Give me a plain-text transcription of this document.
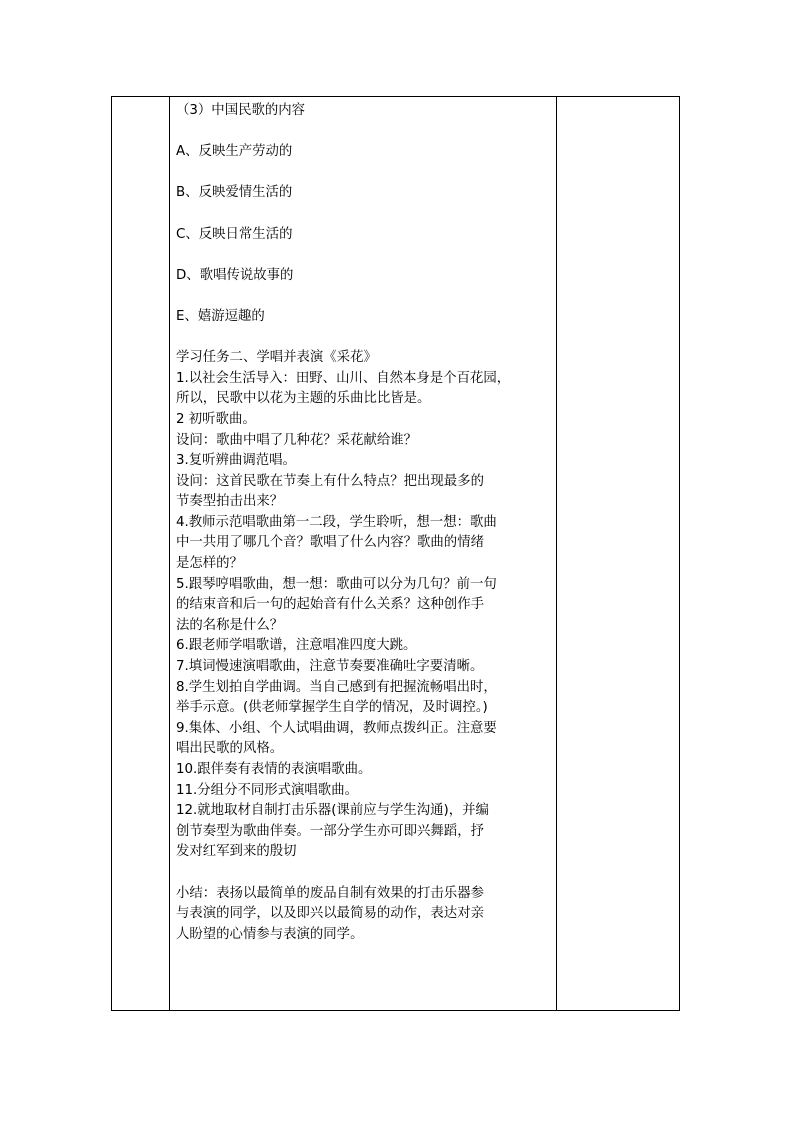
（3）中国民歌的内容
A、反映生产劳动的
B、反映爱情生活的
C、反映日常生活的
D、歌唱传说故事的
E、嬉游逗趣的
学习任务二、学唱并表演《采花》
1.以社会生活导入：田野、山川、自然本身是个百花园，
所以，民歌中以花为主题的乐曲比比皆是。
2 初听歌曲。
设问：歌曲中唱了几种花？采花献给谁？
3.复听辨曲调范唱。
设问：这首民歌在节奏上有什么特点？把出现最多的
节奏型拍击出来？
4.教师示范唱歌曲第一二段，学生聆听，想一想：歌曲
中一共用了哪几个音？歌唱了什么内容？歌曲的情绪
是怎样的？
5.跟琴哼唱歌曲，想一想：歌曲可以分为几句？前一句
的结束音和后一句的起始音有什么关系？这种创作手
法的名称是什么？
6.跟老师学唱歌谱，注意唱准四度大跳。
7.填词慢速演唱歌曲，注意节奏要准确吐字要清晰。
8.学生划拍自学曲调。当自己感到有把握流畅唱出时，
举手示意。(供老师掌握学生自学的情况，及时调控。)
9.集体、小组、个人试唱曲调，教师点拨纠正。注意要
唱出民歌的风格。
10.跟伴奏有表情的表演唱歌曲。
11.分组分不同形式演唱歌曲。
12.就地取材自制打击乐器(课前应与学生沟通)，并编
创节奏型为歌曲伴奏。一部分学生亦可即兴舞蹈，抒
发对红军到来的殷切
小结：表扬以最简单的废品自制有效果的打击乐器参
与表演的同学，以及即兴以最简易的动作，表达对亲
人盼望的心情参与表演的同学。
